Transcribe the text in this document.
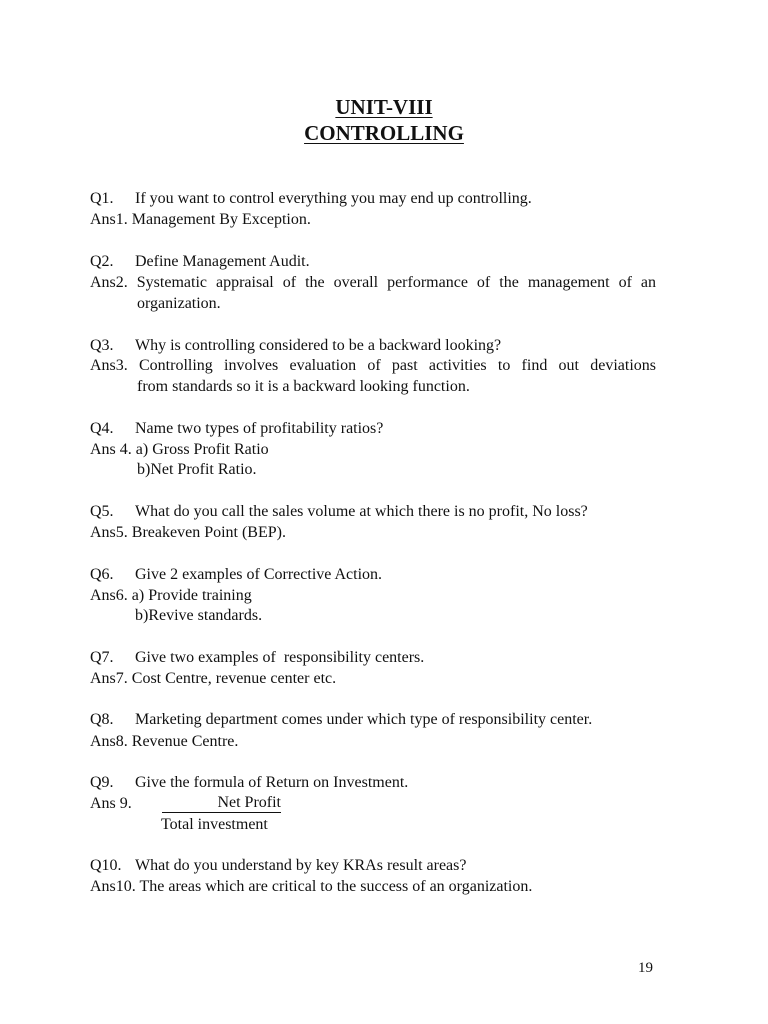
UNIT-VIII
CONTROLLING
Q1. If you want to control everything you may end up controlling.
Ans1. Management By Exception.
Q2. Define Management Audit.
Ans2. Systematic appraisal of the overall performance of the management of an
organization.
Q3. Why is controlling considered to be a backward looking?
Ans3. Controlling involves evaluation of past activities to find out deviations
from standards so it is a backward looking function.
Q4. Name two types of profitability ratios?
Ans 4. a) Gross Profit Ratio
b)Net Profit Ratio.
Q5. What do you call the sales volume at which there is no profit, No loss?
Ans5. Breakeven Point (BEP).
Q6. Give 2 examples of Corrective Action.
Ans6. a) Provide training
b)Revive standards.
Q7. Give two examples of  responsibility centers.
Ans7. Cost Centre, revenue center etc.
Q8. Marketing department comes under which type of responsibility center.
Ans8. Revenue Centre.
Q9. Give the formula of Return on Investment.
Ans 9.	Net Profit
Total investment
Q10. What do you understand by key KRAs result areas?
Ans10. The areas which are critical to the success of an organization.
19
